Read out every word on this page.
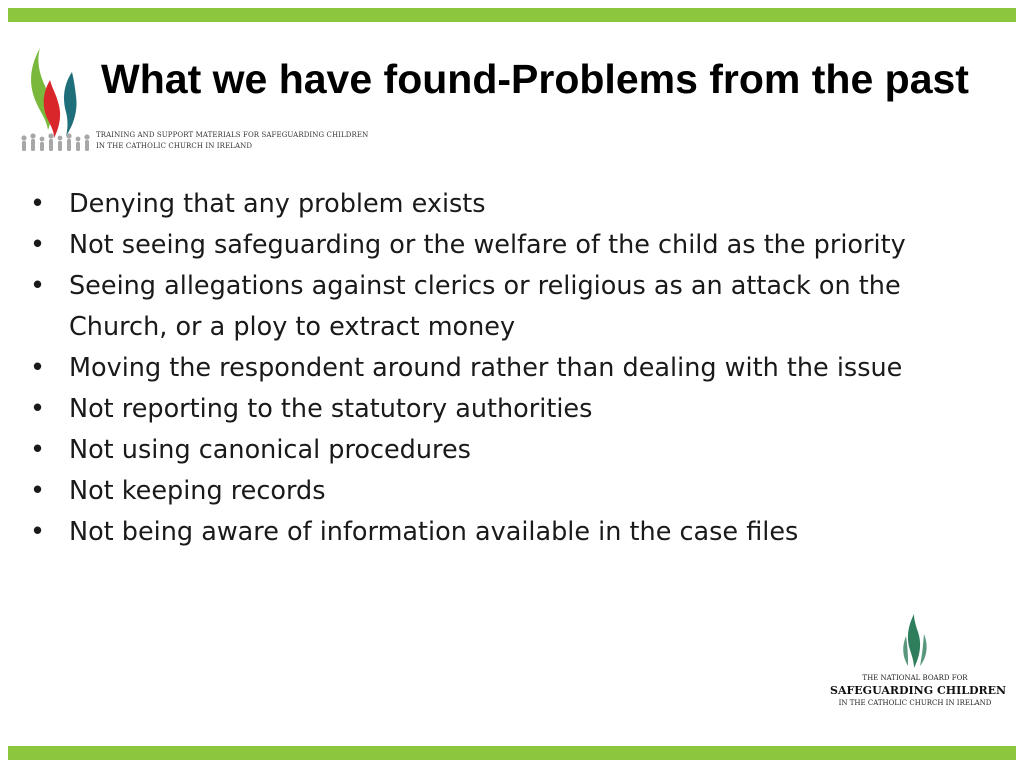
TRAINING AND SUPPORT MATERIALS FOR SAFEGUARDING CHILDREN
IN THE CATHOLIC CHURCH IN IRELAND
What we have found-Problems from the past
• Denying that any problem exists
• Not seeing safeguarding or the welfare of the child as the priority
• Seeing allegations against clerics or religious as an attack on the Church, or a ploy to extract money
• Moving the respondent around rather than dealing with the issue
• Not reporting to the statutory authorities
• Not using canonical procedures
• Not keeping records
• Not being aware of information available in the case files
THE NATIONAL BOARD FOR
SAFEGUARDING CHILDREN
IN THE CATHOLIC CHURCH IN IRELAND
